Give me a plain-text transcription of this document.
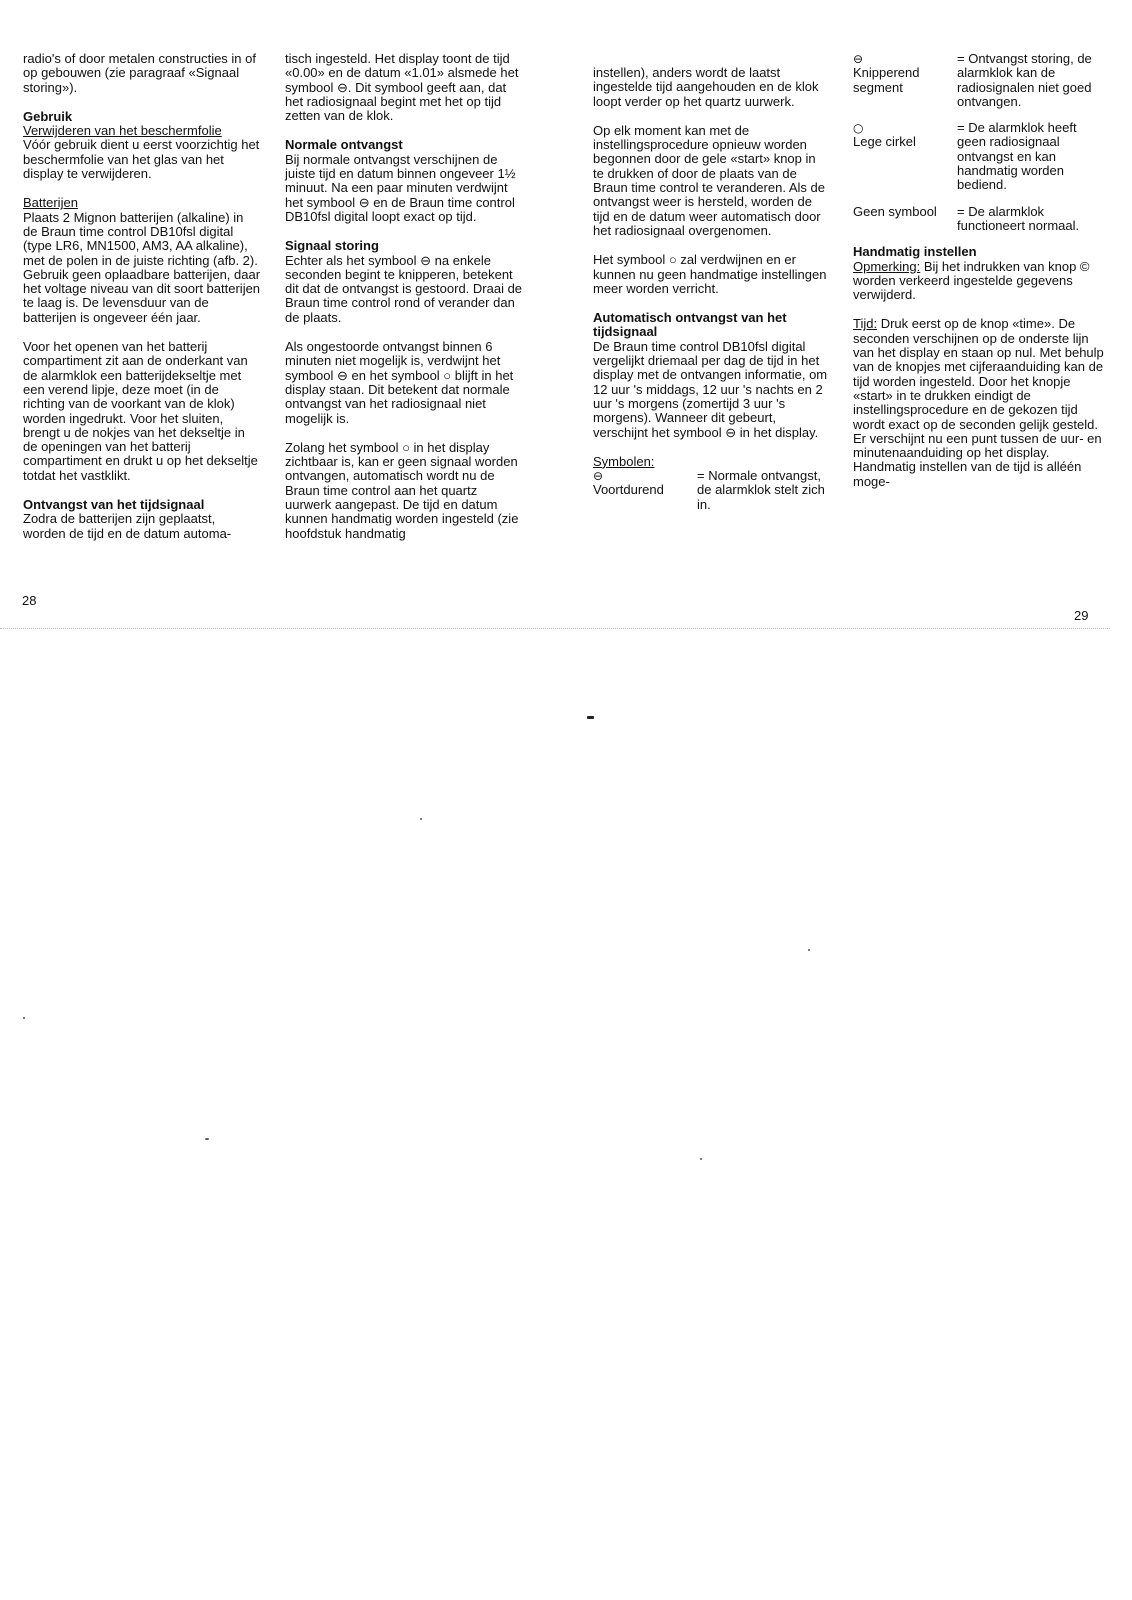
radio's of door metalen constructies in of op gebouwen (zie paragraaf «Signaal storing»).

Gebruik
Verwijderen van het beschermfolie
Vóór gebruik dient u eerst voorzichtig het beschermfolie van het glas van het display te verwijderen.

Batterijen
Plaats 2 Mignon batterijen (alkaline) in de Braun time control DB10fsl digital (type LR6, MN1500, AM3, AA alkaline), met de polen in de juiste richting (afb. 2). Gebruik geen oplaadbare batterijen, daar het voltage niveau van dit soort batterijen te laag is. De levensduur van de batterijen is ongeveer één jaar.

Voor het openen van het batterij compartiment zit aan de onderkant van de alarmklok een batterijdekseltje met een verend lipje, deze moet (in de richting van de voorkant van de klok) worden ingedrukt. Voor het sluiten, brengt u de nokjes van het dekseltje in de openingen van het batterij compartiment en drukt u op het dekseltje totdat het vastklikt.

Ontvangst van het tijdsignaal
Zodra de batterijen zijn geplaatst, worden de tijd en de datum automa-

tisch ingesteld. Het display toont de tijd «0.00» en de datum «1.01» alsmede het symbool ⊖. Dit symbool geeft aan, dat het radiosignaal begint met het op tijd zetten van de klok.

Normale ontvangst
Bij normale ontvangst verschijnen de juiste tijd en datum binnen ongeveer 1½ minuut. Na een paar minuten verdwijnt het symbool ⊖ en de Braun time control DB10fsl digital loopt exact op tijd.

Signaal storing
Echter als het symbool ⊖ na enkele seconden begint te knipperen, betekent dit dat de ontvangst is gestoord. Draai de Braun time control rond of verander dan de plaats.

Als ongestoorde ontvangst binnen 6 minuten niet mogelijk is, verdwijnt het symbool ⊖ en het symbool ○ blijft in het display staan. Dit betekent dat normale ontvangst van het radiosignaal niet mogelijk is.

Zolang het symbool ○ in het display zichtbaar is, kan er geen signaal worden ontvangen, automatisch wordt nu de Braun time control aan het quartz uurwerk aangepast. De tijd en datum kunnen handmatig worden ingesteld (zie hoofdstuk handmatig

instellen), anders wordt de laatst ingestelde tijd aangehouden en de klok loopt verder op het quartz uurwerk.

Op elk moment kan met de instellingsprocedure opnieuw worden begonnen door de gele «start» knop in te drukken of door de plaats van de Braun time control te veranderen. Als de ontvangst weer is hersteld, worden de tijd en de datum weer automatisch door het radiosignaal overgenomen.

Het symbool ○ zal verdwijnen en er kunnen nu geen handmatige instellingen meer worden verricht.

Automatisch ontvangst van het tijdsignaal
De Braun time control DB10fsl digital vergelijkt driemaal per dag de tijd in het display met de ontvangen informatie, om 12 uur 's middags, 12 uur 's nachts en 2 uur 's morgens (zomertijd 3 uur 's morgens). Wanneer dit gebeurt, verschijnt het symbool ⊖ in het display.

Symbolen:
⊖
Voortdurend	= Normale ontvangst, de alarmklok stelt zich in.
⊖
Knipperend
segment	= Ontvangst storing, de alarmklok kan de radiosignalen niet goed ontvangen.
○
Lege cirkel	= De alarmklok heeft geen radiosignaal ontvangst en kan handmatig worden bediend.
Geen symbool	= De alarmklok functioneert normaal.

Handmatig instellen
Opmerking: Bij het indrukken van knop © worden verkeerd ingestelde gegevens verwijderd.

Tijd: Druk eerst op de knop «time». De seconden verschijnen op de onderste lijn van het display en staan op nul. Met behulp van de knopjes met cijferaanduiding kan de tijd worden ingesteld. Door het knopje «start» in te drukken eindigt de instellingsprocedure en de gekozen tijd wordt exact op de seconden gelijk gesteld. Er verschijnt nu een punt tussen de uur- en minutenaanduiding op het display. Handmatig instellen van de tijd is alléén moge-

28
29
